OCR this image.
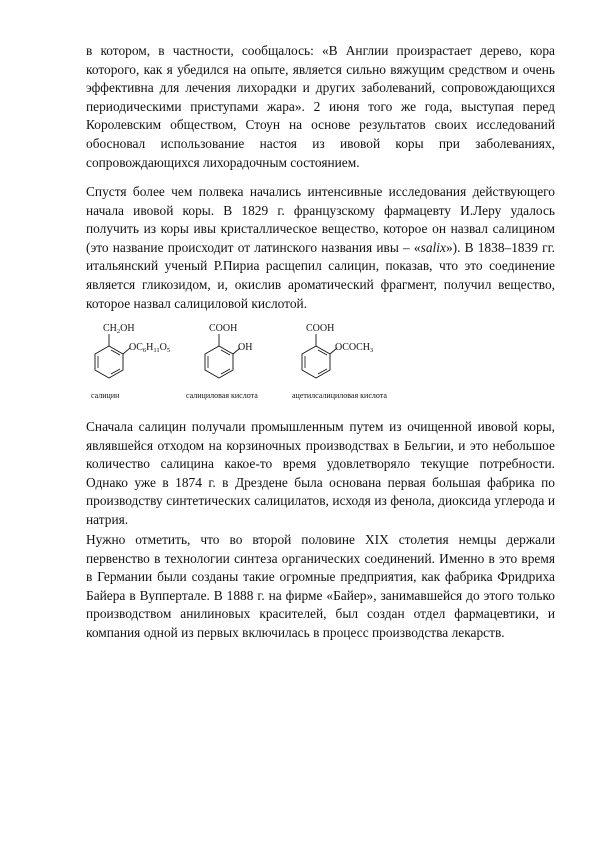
в котором, в частности, сообщалось: «В Англии произрастает дерево, кора которого, как я убедился на опыте, является сильно вяжущим средством и очень эффективна для лечения лихорадки и других заболеваний, сопровождающихся периодическими приступами жара». 2 июня того же года, выступая перед Королевским обществом, Стоун на основе результатов своих исследований обосновал использование настоя из ивовой коры при заболеваниях, сопровождающихся лихорадочным состоянием.

Спустя более чем полвека начались интенсивные исследования действующего начала ивовой коры. В 1829 г. французскому фармацевту И.Леру удалось получить из коры ивы кристаллическое вещество, которое он назвал салицином (это название происходит от латинского названия ивы – «salix»). В 1838–1839 гг. итальянский ученый Р.Пириа расщепил салицин, показав, что это соединение является гликозидом, и, окислив ароматический фрагмент, получил вещество, которое назвал салициловой кислотой.

$CH_2OH$
$OC_6H_{11}O_5$
салицин
COOH
OH
салициловая кислота
COOH
$OCOCH_3$
ацетилсалициловая кислота

Сначала салицин получали промышленным путем из очищенной ивовой коры, являвшейся отходом на корзиночных производствах в Бельгии, и это небольшое количество салицина какое-то время удовлетворяло текущие потребности. Однако уже в 1874 г. в Дрездене была основана первая большая фабрика по производству синтетических салицилатов, исходя из фенола, диоксида углерода и натрия.

Нужно отметить, что во второй половине XIX столетия немцы держали первенство в технологии синтеза органических соединений. Именно в это время в Германии были созданы такие огромные предприятия, как фабрика Фридриха Байера в Вуппертале. В 1888 г. на фирме «Байер», занимавшейся до этого только производством анилиновых красителей, был создан отдел фармацевтики, и компания одной из первых включилась в процесс производства лекарств.
